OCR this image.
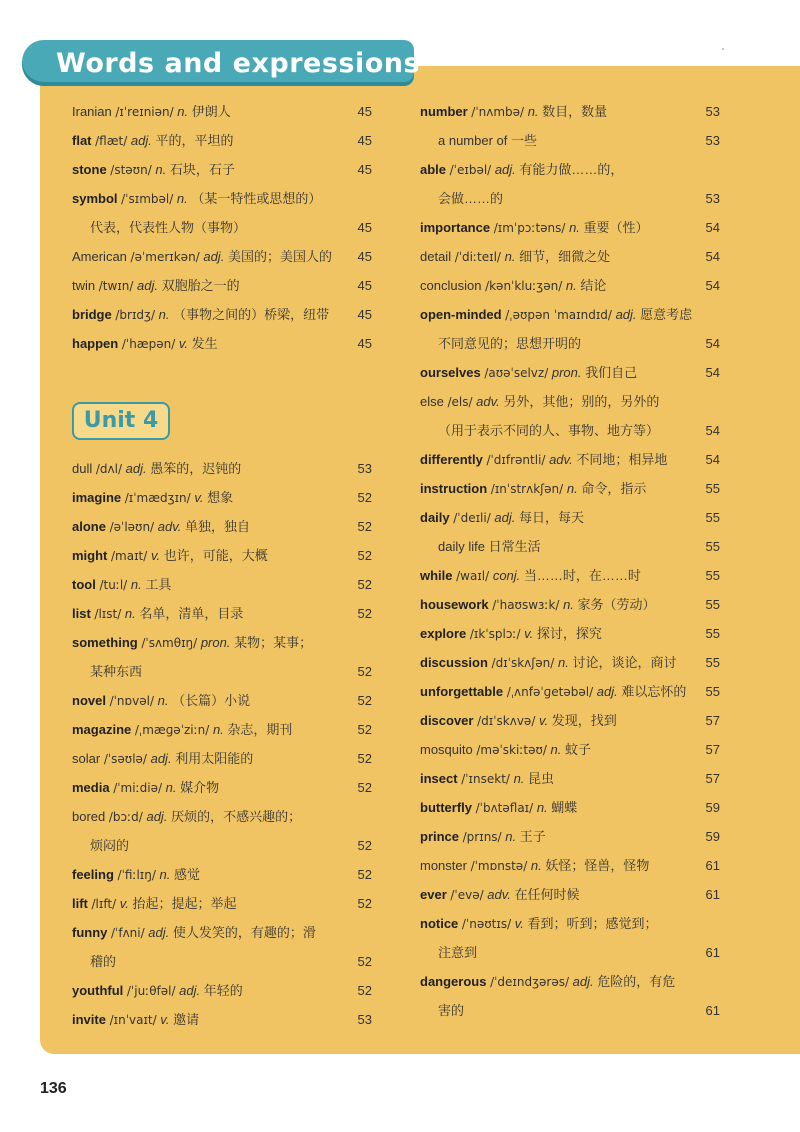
Words and expressions
Iranian /ɪˈreɪniən/ n. 伊朗人	45
flat /flæt/ adj. 平的，平坦的	45
stone /stəʊn/ n. 石块，石子	45
symbol /ˈsɪmbəl/ n. （某一特性或思想的）
代表，代表性人物（事物）	45
American /əˈmerɪkən/ adj. 美国的；美国人的 45
twin /twɪn/ adj. 双胞胎之一的	45
bridge /brɪdʒ/ n. （事物之间的）桥梁，纽带 45
happen /ˈhæpən/ v. 发生	45
Unit 4
dull /dʌl/ adj. 愚笨的，迟钝的	53
imagine /ɪˈmædʒɪn/ v. 想象	52
alone /əˈləʊn/ adv. 单独，独自	52
might /maɪt/ v. 也许，可能，大概	52
tool /tuːl/ n. 工具	52
list /lɪst/ n. 名单，清单，目录	52
something /ˈsʌmθɪŋ/ pron. 某物；某事；
某种东西	52
novel /ˈnɒvəl/ n. （长篇）小说	52
magazine /ˌmæɡəˈziːn/ n. 杂志，期刊	52
solar /ˈsəʊlə/ adj. 利用太阳能的	52
media /ˈmiːdiə/ n. 媒介物	52
bored /bɔːd/ adj. 厌烦的，不感兴趣的；
烦闷的	52
feeling /ˈfiːlɪŋ/ n. 感觉	52
lift /lɪft/ v. 抬起；提起；举起	52
funny /ˈfʌni/ adj. 使人发笑的，有趣的；滑
稽的	52
youthful /ˈjuːθfəl/ adj. 年轻的	52
invite /ɪnˈvaɪt/ v. 邀请	53
number /ˈnʌmbə/ n. 数目，数量	53
a number of 一些	53
able /ˈeɪbəl/ adj. 有能力做……的，
会做……的	53
importance /ɪmˈpɔːtəns/ n. 重要（性）	54
detail /ˈdiːteɪl/ n. 细节，细微之处	54
conclusion /kənˈkluːʒən/ n. 结论	54
open-minded /ˌəʊpən ˈmaɪndɪd/ adj. 愿意考虑
不同意见的；思想开明的	54
ourselves /aʊəˈselvz/ pron. 我们自己	54
else /els/ adv. 另外，其他；别的，另外的
（用于表示不同的人、事物、地方等）	54
differently /ˈdɪfrəntli/ adv. 不同地；相异地	54
instruction /ɪnˈstrʌkʃən/ n. 命令，指示	55
daily /ˈdeɪli/ adj. 每日，每天	55
daily life 日常生活	55
while /waɪl/ conj. 当……时，在……时	55
housework /ˈhaʊswɜːk/ n. 家务（劳动）	55
explore /ɪkˈsplɔː/ v. 探讨，探究	55
discussion /dɪˈskʌʃən/ n. 讨论，谈论，商讨 55
unforgettable /ˌʌnfəˈɡetəbəl/ adj. 难以忘怀的 55
discover /dɪˈskʌvə/ v. 发现，找到	57
mosquito /məˈskiːtəʊ/ n. 蚊子	57
insect /ˈɪnsekt/ n. 昆虫	57
butterfly /ˈbʌtəflaɪ/ n. 蝴蝶	59
prince /prɪns/ n. 王子	59
monster /ˈmɒnstə/ n. 妖怪；怪兽，怪物	61
ever /ˈevə/ adv. 在任何时候	61
notice /ˈnəʊtɪs/ v. 看到；听到；感觉到；
注意到	61
dangerous /ˈdeɪndʒərəs/ adj. 危险的，有危
害的	61
136
